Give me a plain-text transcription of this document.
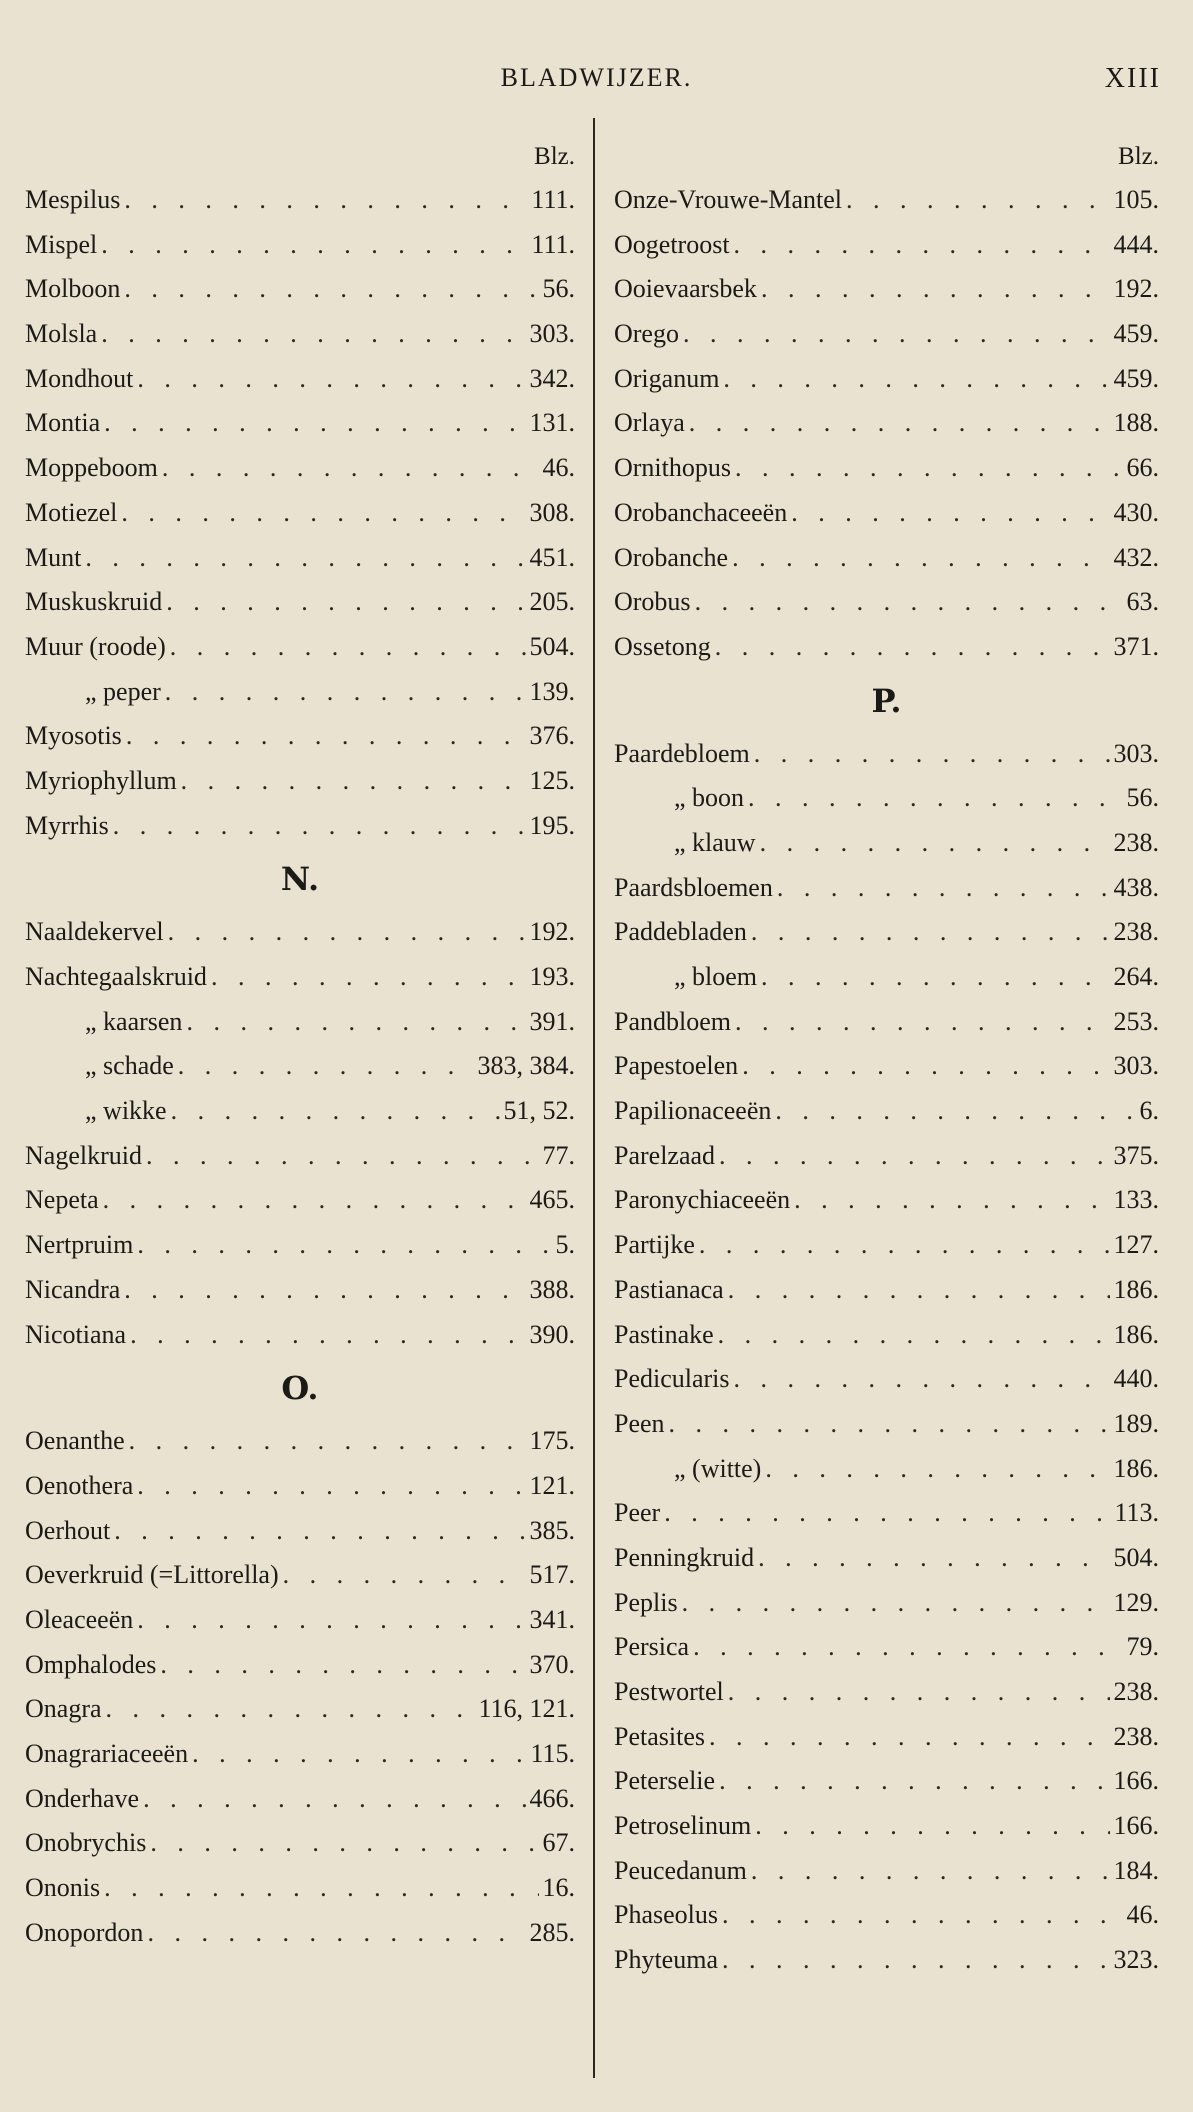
BLADWIJZER.	XIII
Blz.
Mespilus . . .	111.
Mispel . . .	111.
Molboon . . .	56.
Molsla . . .	303.
Mondhout . . .	342.
Montia . . .	131.
Moppeboom . . .	46.
Motiezel . . .	308.
Munt . . .	451.
Muskuskruid . . .	205.
Muur (roode) . . .	504.
„ peper . . .	139.
Myosotis . . .	376.
Myriophyllum . . .	125.
Myrrhis . . .	195.
N.
Naaldekervel . . .	192.
Nachtegaalskruid . . .	193.
„ kaarsen . . .	391.
„ schade . . .	383, 384.
„ wikke . . .	51, 52.
Nagelkruid . . .	77.
Nepeta . . .	465.
Nertpruim . . .	5.
Nicandra . . .	388.
Nicotiana . . .	390.
O.
Oenanthe . . .	175.
Oenothera . . .	121.
Oerhout . . .	385.
Oeverkruid (=Littorella) . . .	517.
Oleaceeën . . .	341.
Omphalodes . . .	370.
Onagra . . .	116, 121.
Onagrariaceeën . . .	115.
Onderhave . . .	466.
Onobrychis . . .	67.
Ononis . . .	16.
Onopordon . . .	285.
Blz.
Onze-Vrouwe-Mantel . . .	105.
Oogetroost . . .	444.
Ooievaarsbek . . .	192.
Orego . . .	459.
Origanum . . .	459.
Orlaya . . .	188.
Ornithopus . . .	66.
Orobanchaceeën . . .	430.
Orobanche . . .	432.
Orobus . . .	63.
Ossetong . . .	371.
P.
Paardebloem . . .	303.
„ boon . . .	56.
„ klauw . . .	238.
Paardsbloemen . . .	438.
Paddebladen . . .	238.
„ bloem . . .	264.
Pandbloem . . .	253.
Papestoelen . . .	303.
Papilionaceeën . . .	6.
Parelzaad . . .	375.
Paronychiaceeën . . .	133.
Partijke . . .	127.
Pastianaca . . .	186.
Pastinake . . .	186.
Pedicularis . . .	440.
Peen . . .	189.
„ (witte) . . .	186.
Peer . . .	113.
Penningkruid . . .	504.
Peplis . . .	129.
Persica . . .	79.
Pestwortel . . .	238.
Petasites . . .	238.
Peterselie . . .	166.
Petroselinum . . .	166.
Peucedanum . . .	184.
Phaseolus . . .	46.
Phyteuma . . .	323.
